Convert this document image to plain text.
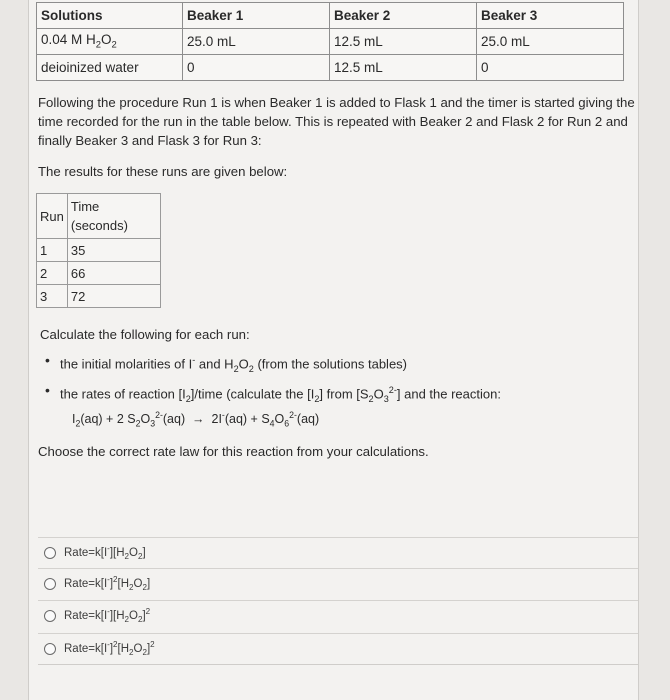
Solutions	Beaker 1	Beaker 2	Beaker 3
0.04 M $H_2O_2$	25.0 mL	12.5 mL	25.0 mL
deioinized water	0	12.5 mL	0
Following the procedure Run 1 is when Beaker 1 is added to Flask 1 and the timer is started giving the time recorded for the run in the table below. This is repeated with Beaker 2 and Flask 2 for Run 2 and finally Beaker 3 and Flask 3 for Run 3:
The results for these runs are given below:
Run	Time
(seconds)
1	35
2	66
3	72
Calculate the following for each run:
• the initial molarities of I- and $H_2O_2$ (from the solutions tables)
• the rates of reaction $[I_2]$/time (calculate the $[I_2]$ from $[S_2O_3^{2-}]$ and the reaction:
$I_2(aq) + 2$ $S_2O_3^{2-}(aq) \to 2I^-(aq) + S_4O_6^{2-}(aq)$
Choose the correct rate law for this reaction from your calculations.
$Rate=k[I^-][H_2O_2]$
$Rate=k[I^-]^2[H_2O_2]$
$Rate=k[I^-][H_2O_2]^2$
$Rate=k[I^-]^2[H_2O_2]^2$
